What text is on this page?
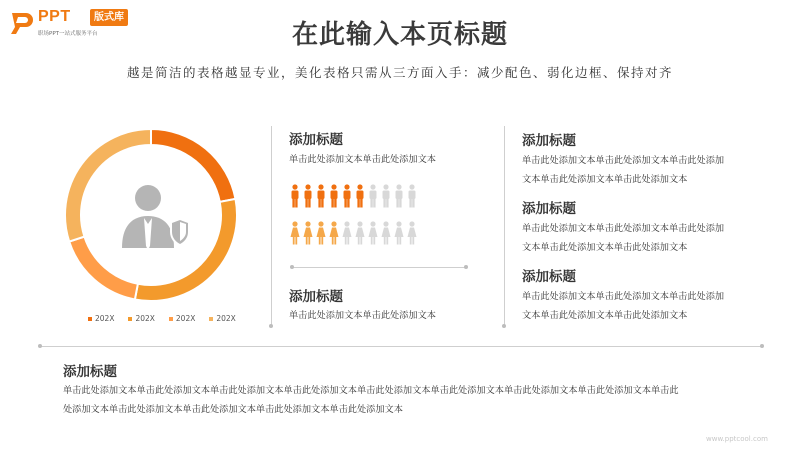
PPT	版式库
职场PPT一站式服务平台	在此输入本页标题
越是简洁的表格越显专业，美化表格只需从三方面入手：减少配色、弱化边框、保持对齐
202X	202X	202X	202X
添加标题
单击此处添加文本单击此处添加文本
添加标题
单击此处添加文本单击此处添加文本
添加标题
单击此处添加文本单击此处添加文本单击此处添加
文本单击此处添加文本单击此处添加文本
添加标题
单击此处添加文本单击此处添加文本单击此处添加
文本单击此处添加文本单击此处添加文本
添加标题
单击此处添加文本单击此处添加文本单击此处添加
文本单击此处添加文本单击此处添加文本
添加标题
单击此处添加文本单击此处添加文本单击此处添加文本单击此处添加文本单击此处添加文本单击此处添加文本单击此处添加文本单击此处添加文本单击此
处添加文本单击此处添加文本单击此处添加文本单击此处添加文本单击此处添加文本
www.pptcool.com
